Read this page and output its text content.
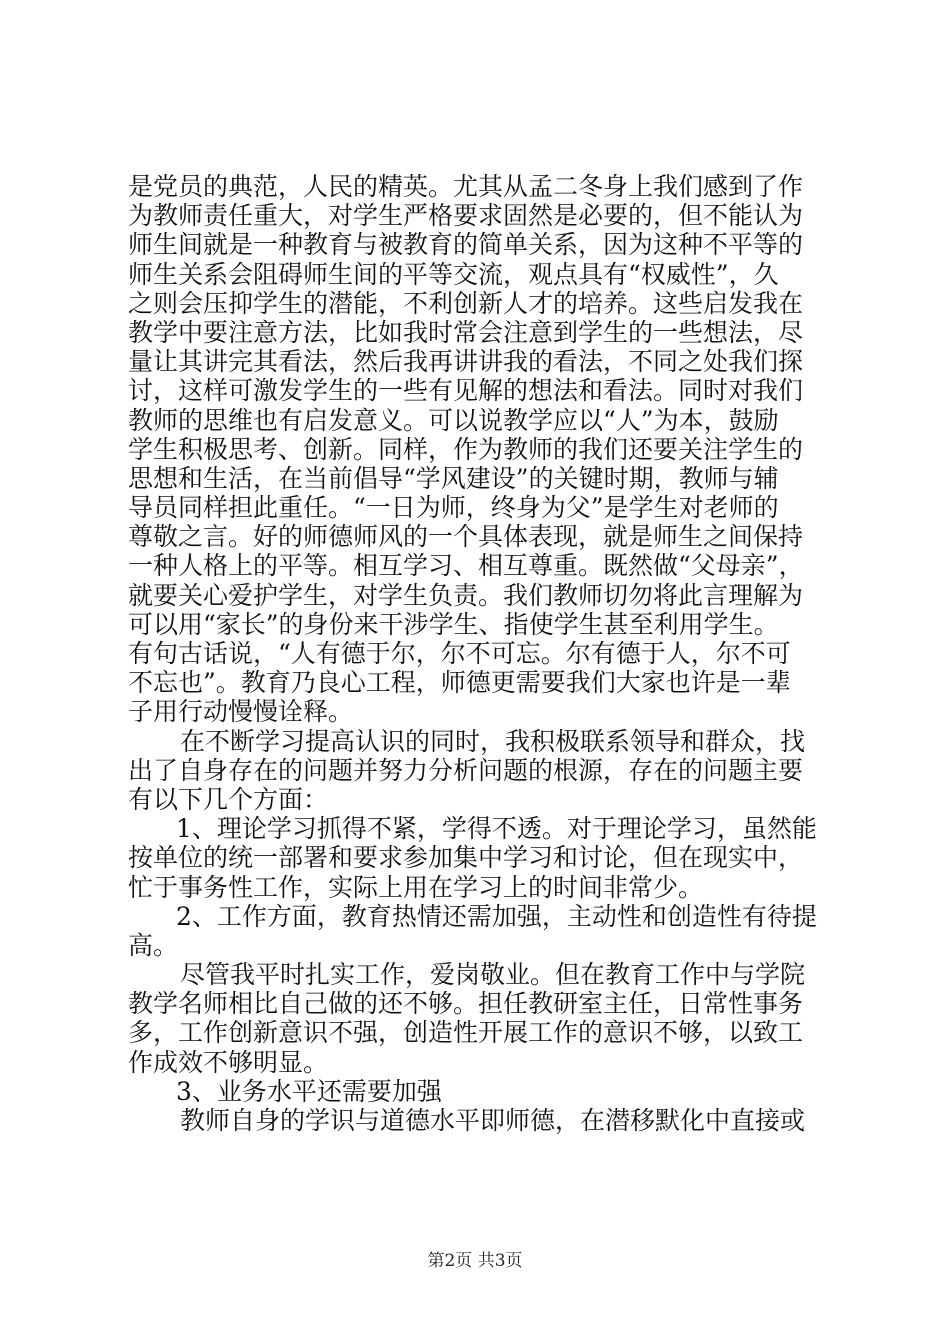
是党员的典范，人民的精英。尤其从孟二冬身上我们感到了作
为教师责任重大，对学生严格要求固然是必要的，但不能认为
师生间就是一种教育与被教育的简单关系，因为这种不平等的
师生关系会阻碍师生间的平等交流，观点具有“权威性”，久
之则会压抑学生的潜能，不利创新人才的培养。这些启发我在
教学中要注意方法，比如我时常会注意到学生的一些想法，尽
量让其讲完其看法，然后我再讲讲我的看法，不同之处我们探
讨，这样可激发学生的一些有见解的想法和看法。同时对我们
教师的思维也有启发意义。可以说教学应以“人”为本，鼓励
学生积极思考、创新。同样，作为教师的我们还要关注学生的
思想和生活，在当前倡导“学风建设”的关键时期，教师与辅
导员同样担此重任。“一日为师，终身为父”是学生对老师的
尊敬之言。好的师德师风的一个具体表现，就是师生之间保持
一种人格上的平等。相互学习、相互尊重。既然做“父母亲”，
就要关心爱护学生，对学生负责。我们教师切勿将此言理解为
可以用“家长”的身份来干涉学生、指使学生甚至利用学生。
有句古话说，“人有德于尔，尔不可忘。尔有德于人，尔不可
不忘也”。教育乃良心工程，师德更需要我们大家也许是一辈
子用行动慢慢诠释。
在不断学习提高认识的同时，我积极联系领导和群众，找
出了自身存在的问题并努力分析问题的根源，存在的问题主要
有以下几个方面：
1、理论学习抓得不紧，学得不透。对于理论学习，虽然能
按单位的统一部署和要求参加集中学习和讨论，但在现实中，
忙于事务性工作，实际上用在学习上的时间非常少。
2、工作方面，教育热情还需加强，主动性和创造性有待提
高。
尽管我平时扎实工作，爱岗敬业。但在教育工作中与学院
教学名师相比自己做的还不够。担任教研室主任，日常性事务
多，工作创新意识不强，创造性开展工作的意识不够，以致工
作成效不够明显。
3、业务水平还需要加强
教师自身的学识与道德水平即师德，在潜移默化中直接或
第2页 共3页
